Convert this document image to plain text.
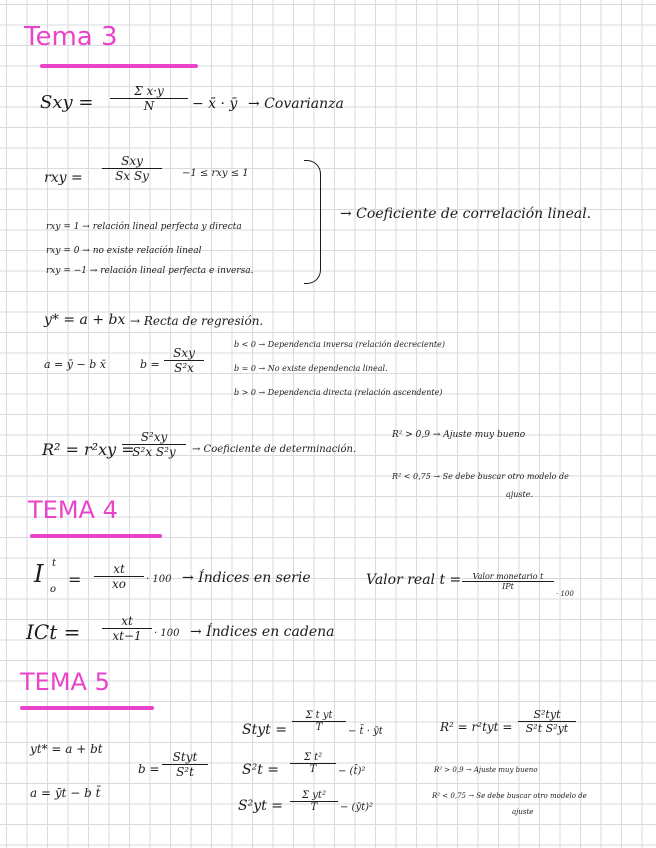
Tema 3
Sxy = $\frac{\text{Σ x·y}}{N}$ − x̄ · ȳ → Covarianza
rxy =
Sxy
Sx Sy	−1 ≤ rxy ≤ 1
rxy = 1 → relación lineal perfecta y directa
rxy = 0 → no existe relación lineal
rxy = −1 → relación lineal perfecta e inversa.
→ Coeficiente de correlación lineal.
y* = a + bx → Recta de regresión.
a = ȳ − b x̄	b =
Sxy
S²x
b < 0 → Dependencia inversa (relación decreciente)
b = 0 → No existe dependencia lineal.
b > 0 → Dependencia directa (relación ascendente)
R² = r²xy =
$\frac{\text{S²xy}}{\text{S²x S²y}}$ → Coeficiente de determinación.
R² > 0,9 → Ajuste muy bueno
R² < 0,75 → Se debe buscar otro modelo de
ajuste.
TEMA 4
I t
o
= $\frac{xt}{xo} \cdot 100$ → Índices en serie	Valor real t =	Valor monetario t
IPt
· 100
ICt = $\frac{xt}{xt-1} \cdot 100$ → Índices en cadena
TEMA 5
yt* = a + bt
a = ȳt − b t̄
b =
Styt
S²t
Styt = $\frac{\text{Σ t yt}}{T}$ − t̄ · ȳt
$S^2t = \frac{\text{Σ t²}}{T}$ − (t̄)²
$S^2yt = \frac{\text{Σ yt²}}{T}$ − (ȳt)²
R² = r²tyt =
S²tyt
S²t S²yt
R² > 0,9 → Ajuste muy bueno
R² < 0,75 → Se debe buscar otro modelo de
ajuste
